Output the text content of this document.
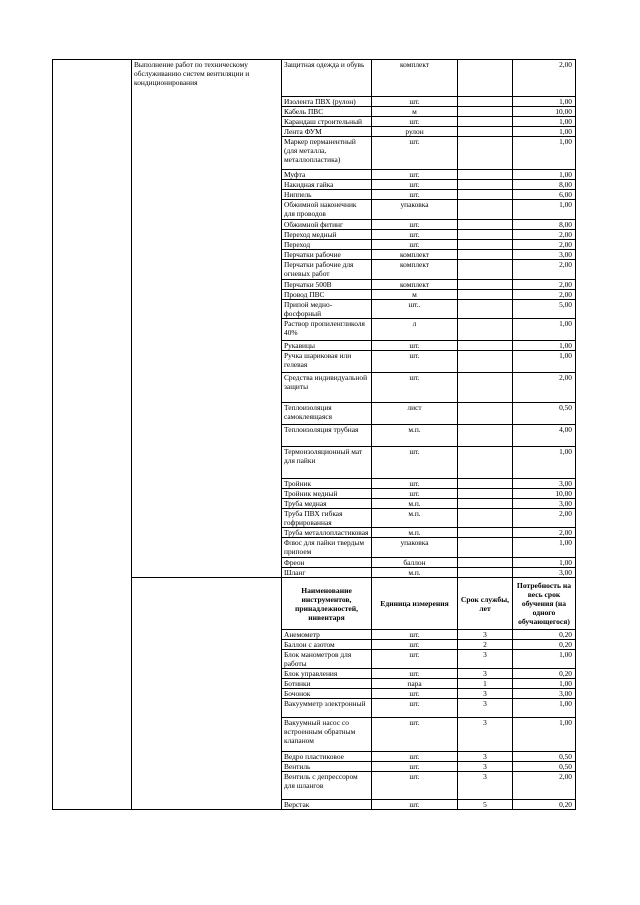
	Выполнение работ по техническому обслуживанию систем вентиляции и кондиционирования	Защитная одежда и обувь	комплект		2,00
		Изолента ПВХ (рулон)	шт.		1,00
		Кабель ПВС	м		10,00
		Карандаш строительный	шт.		1,00
		Лента ФУМ	рулон		1,00
		Маркер перманентный (для металла, металлопластика)	шт.		1,00
		Муфта	шт.		1,00
		Накидная гайка	шт.		8,00
		Ниппель	шт.		6,00
		Обжимной наконечник для проводов	упаковка		1,00
		Обжимной фитинг	шт.		8,00
		Переход медный	шт.		2,00
		Переход	шт.		2,00
		Перчатки рабочие	комплект		3,00
		Перчатки рабочие для огневых работ	комплект		2,00
		Перчатки 500В	комплект		2,00
		Провод ПВС	м		2,00
		Припой медно-фосфорный	шт..		5,00
		Раствор пропиленгликоля 40%	л		1,00
		Рукавицы	шт.		1,00
		Ручка шариковая или гелевая	шт.		1,00
		Средства индивидуальной защиты	шт.		2,00
		Теплоизоляция самоклеящаяся	лист		0,50
		Теплоизоляция трубная	м.п.		4,00
		Термоизоляционный мат для пайки	шт.		1,00
		Тройник	шт.		3,00
		Тройник медный	шт.		10,00
		Труба медная	м.п.		3,00
		Труба ПВХ гибкая гофрированная	м.п.		2,00
		Труба металлопластиковая	м.п.		2,00
		Флюс для пайки твердым припоем	упаковка		1,00
		Фреон	баллон		1,00
		Шланг	м.п.		3,00
		Наименование инструментов, принадлежностей, инвентаря	Единица измерения	Срок службы, лет	Потребность на весь срок обучения (на одного обучающегося)
		Анемометр	шт.	3	0,20
		Баллон с азотом	шт.	2	0,20
		Блок манометров для работы	шт.	3	1,00
		Блок управления	шт.	3	0,20
		Ботинки	пара	1	1,00
		Бочонок	шт.	3	3,00
		Вакуумметр электронный	шт.	3	1,00
		Вакуумный насос со встроенным обратным клапаном	шт.	3	1,00
		Ведро пластиковое	шт.	3	0,50
		Вентиль	шт.	3	0,50
		Вентиль с депрессором для шлангов	шт.	3	2,00
		Верстак	шт.	5	0,20
